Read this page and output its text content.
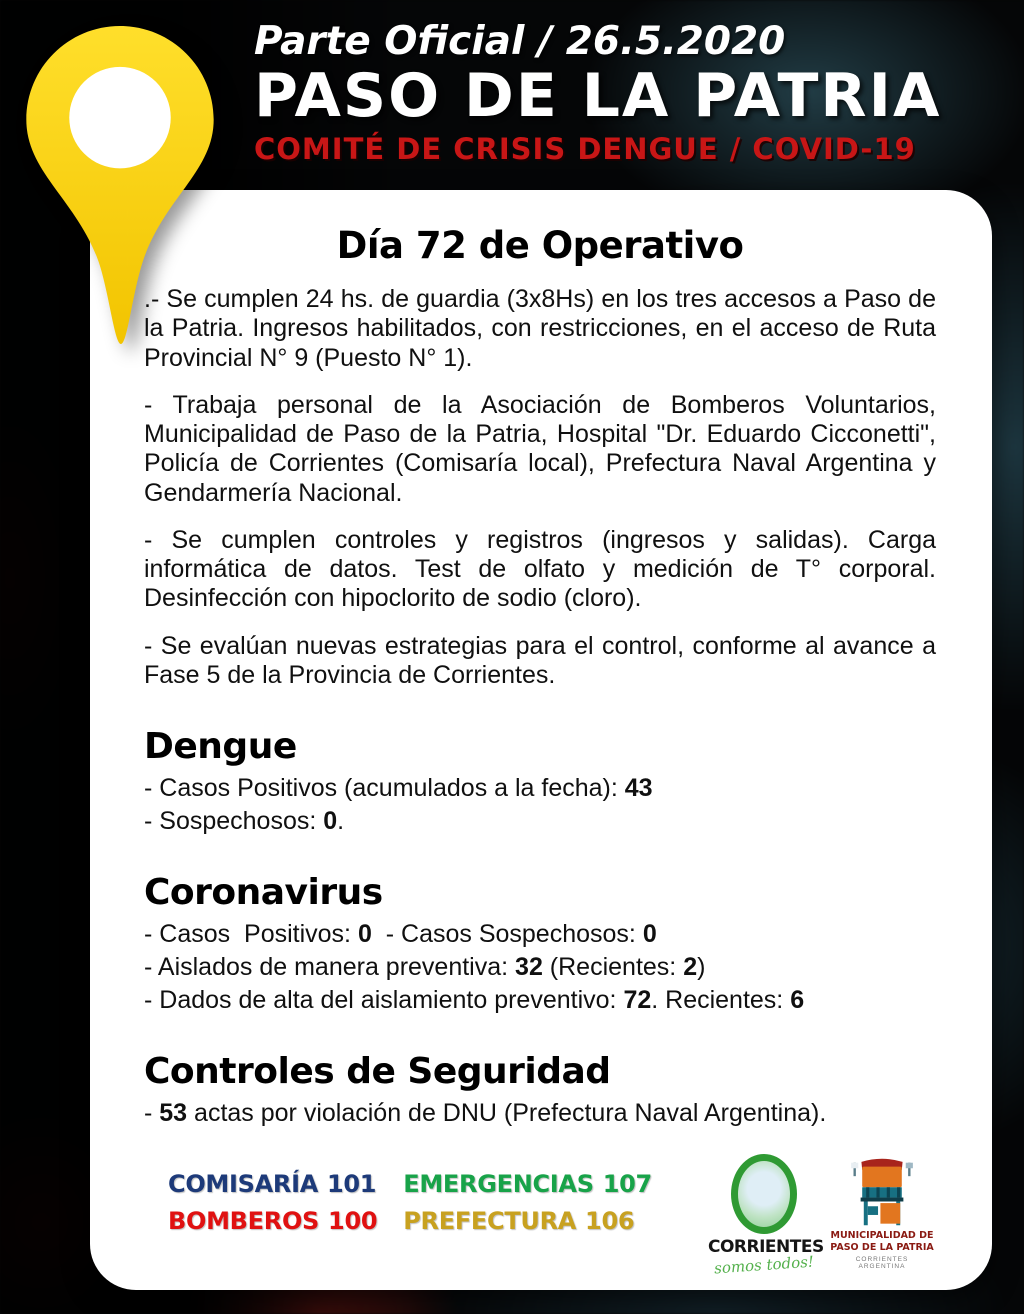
Parte Oficial / 26.5.2020
PASO DE LA PATRIA
COMITÉ DE CRISIS DENGUE / COVID-19
Día 72 de Operativo

.- Se cumplen 24 hs. de guardia (3x8Hs) en los tres accesos a Paso de la Patria. Ingresos habilitados, con restricciones, en el acceso de Ruta Provincial N° 9 (Puesto N° 1).

- Trabaja personal de la Asociación de Bomberos Voluntarios, Municipalidad de Paso de la Patria, Hospital "Dr. Eduardo Cicconetti", Policía de Corrientes (Comisaría local), Prefectura Naval Argentina y Gendarmería Nacional.

- Se cumplen controles y registros (ingresos y salidas). Carga informática de datos. Test de olfato y medición de T° corporal. Desinfección con hipoclorito de sodio (cloro).

- Se evalúan nuevas estrategias para el control, conforme al avance a Fase 5 de la Provincia de Corrientes.

Dengue

- Casos Positivos (acumulados a la fecha): 43

- Sospechosos: 0.

Coronavirus

- Casos  Positivos: 0  - Casos Sospechosos: 0

- Aislados de manera preventiva: 32 (Recientes: 2)

- Dados de alta del aislamiento preventivo: 72. Recientes: 6

Controles de Seguridad

- 53 actas por violación de DNU (Prefectura Naval Argentina).

COMISARÍA 101 EMERGENCIAS 107
BOMBEROS 100 PREFECTURA 106
CORRIENTES
somos todos!
MUNICIPALIDAD DE
PASO DE LA PATRIA
CORRIENTES  ARGENTINA
